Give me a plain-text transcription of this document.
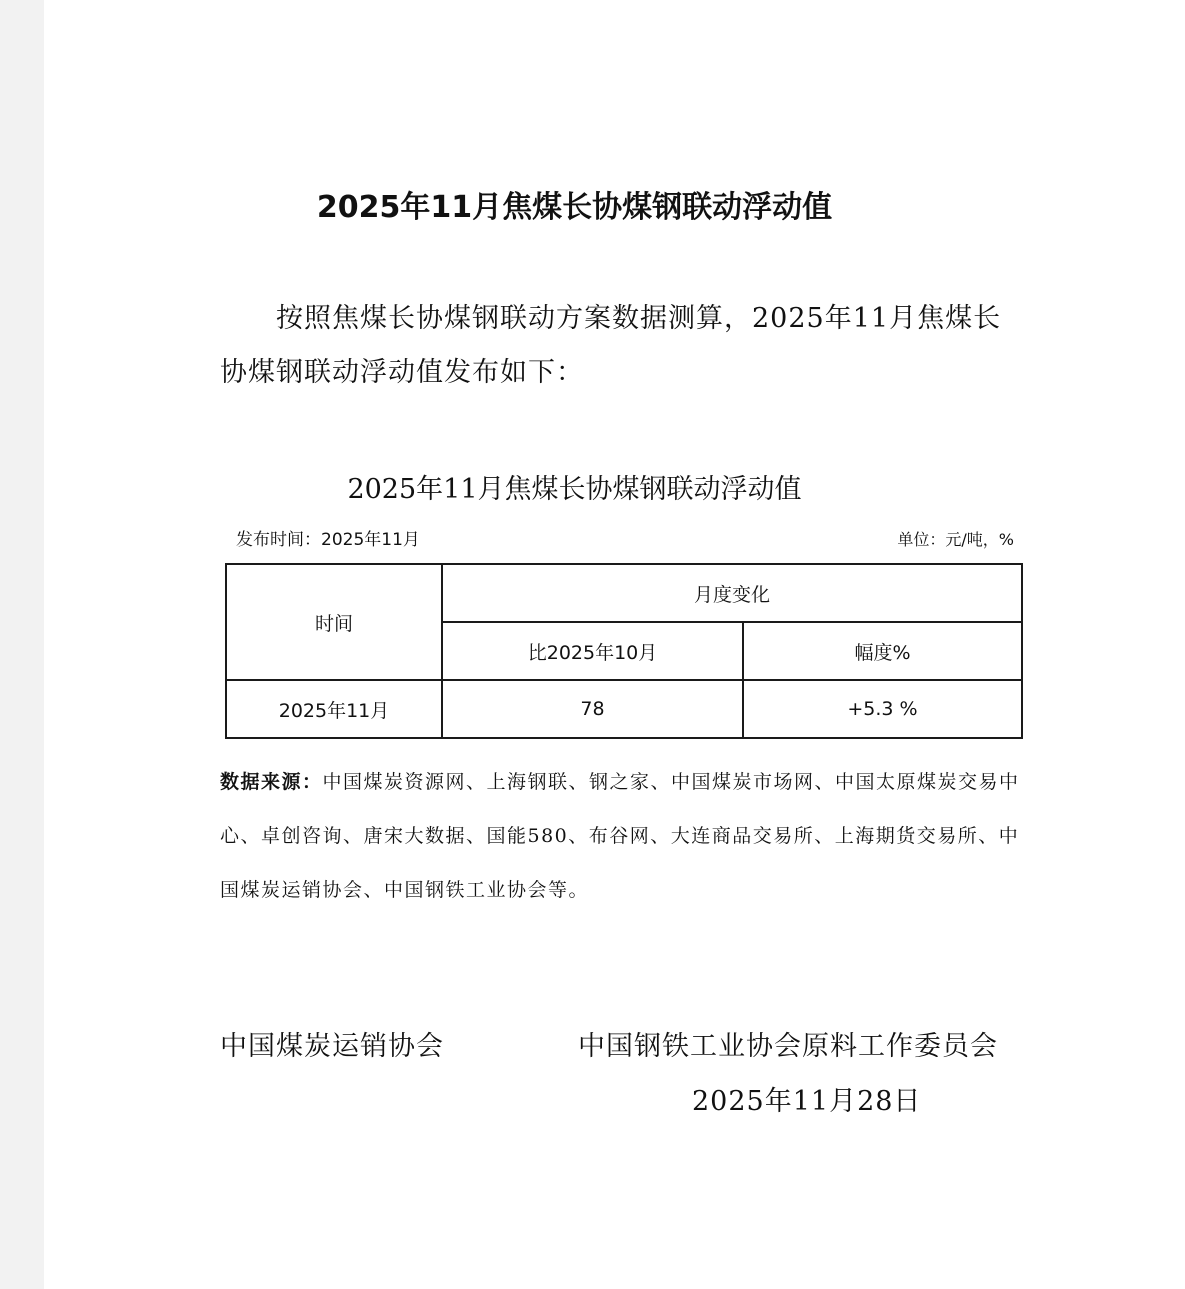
2025年11月焦煤长协煤钢联动浮动值
按照焦煤长协煤钢联动方案数据测算，2025年11月焦煤长协煤钢联动浮动值发布如下：
2025年11月焦煤长协煤钢联动浮动值
发布时间：2025年11月	单位：元/吨，%
时间	月度变化	
	比2025年10月	幅度%
2025年11月	78	+5.3 %
数据来源：中国煤炭资源网、上海钢联、钢之家、中国煤炭市场网、中国太原煤炭交易中心、卓创咨询、唐宋大数据、国能580、布谷网、大连商品交易所、上海期货交易所、中国煤炭运销协会、中国钢铁工业协会等。
中国煤炭运销协会	中国钢铁工业协会原料工作委员会
2025年11月28日
